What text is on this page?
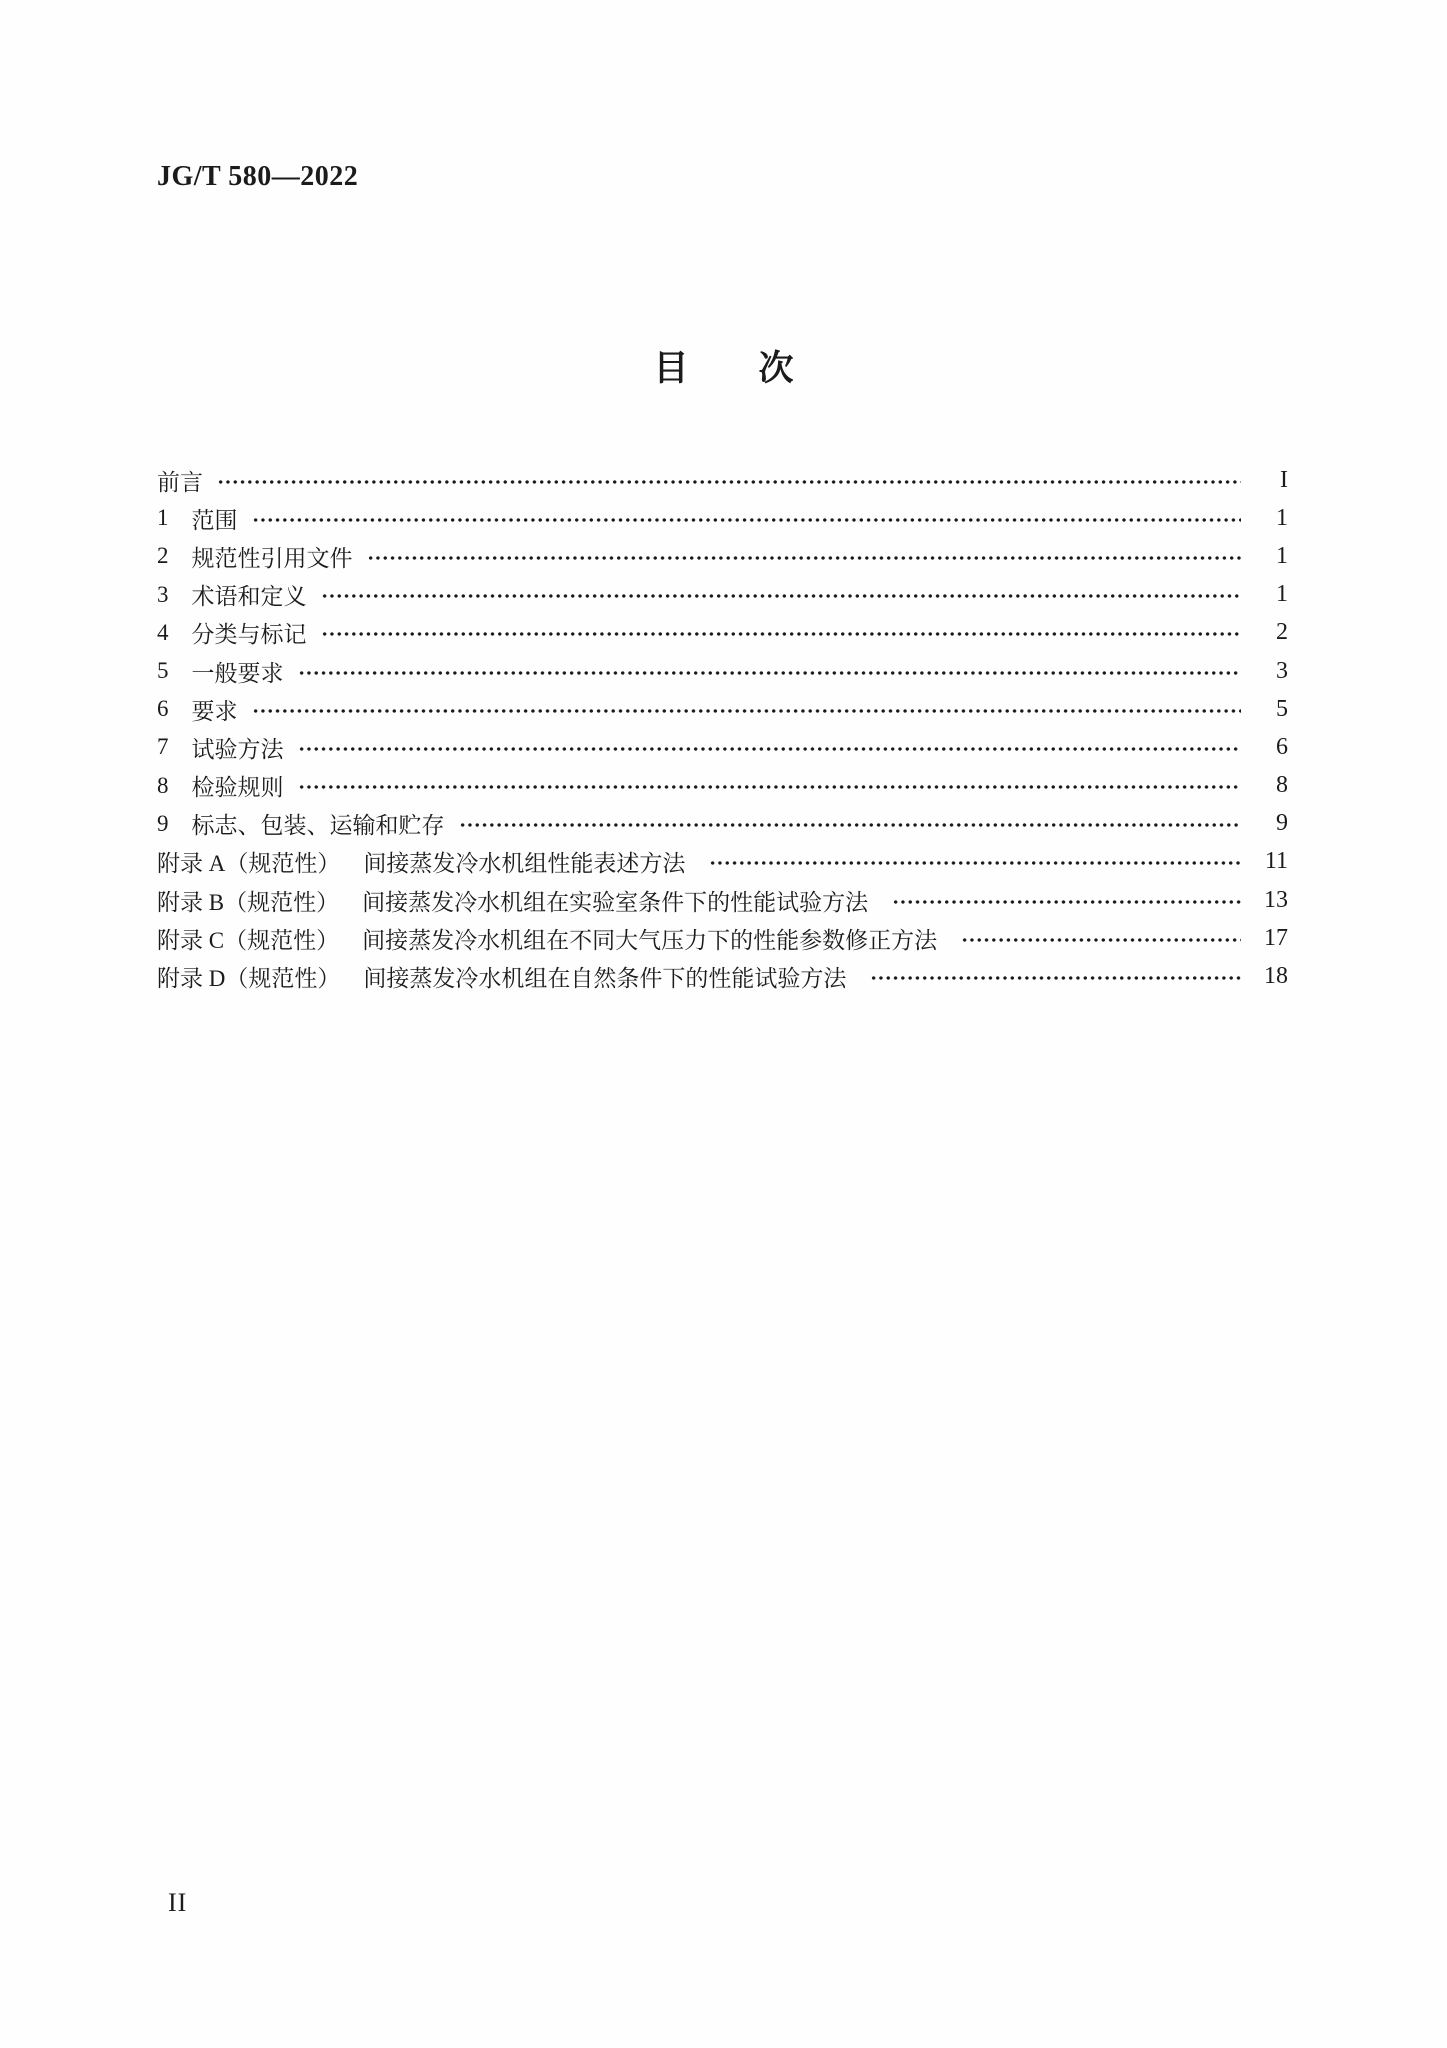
JG/T 580—2022
目　　次
前言	I
1 范围	1
2 规范性引用文件	1
3 术语和定义	1
4 分类与标记	2
5 一般要求	3
6 要求	5
7 试验方法	6
8 检验规则	8
9 标志、包装、运输和贮存	9
附录 A（规范性） 间接蒸发冷水机组性能表述方法	11
附录 B（规范性） 间接蒸发冷水机组在实验室条件下的性能试验方法	13
附录 C（规范性） 间接蒸发冷水机组在不同大气压力下的性能参数修正方法	17
附录 D（规范性） 间接蒸发冷水机组在自然条件下的性能试验方法	18
II
